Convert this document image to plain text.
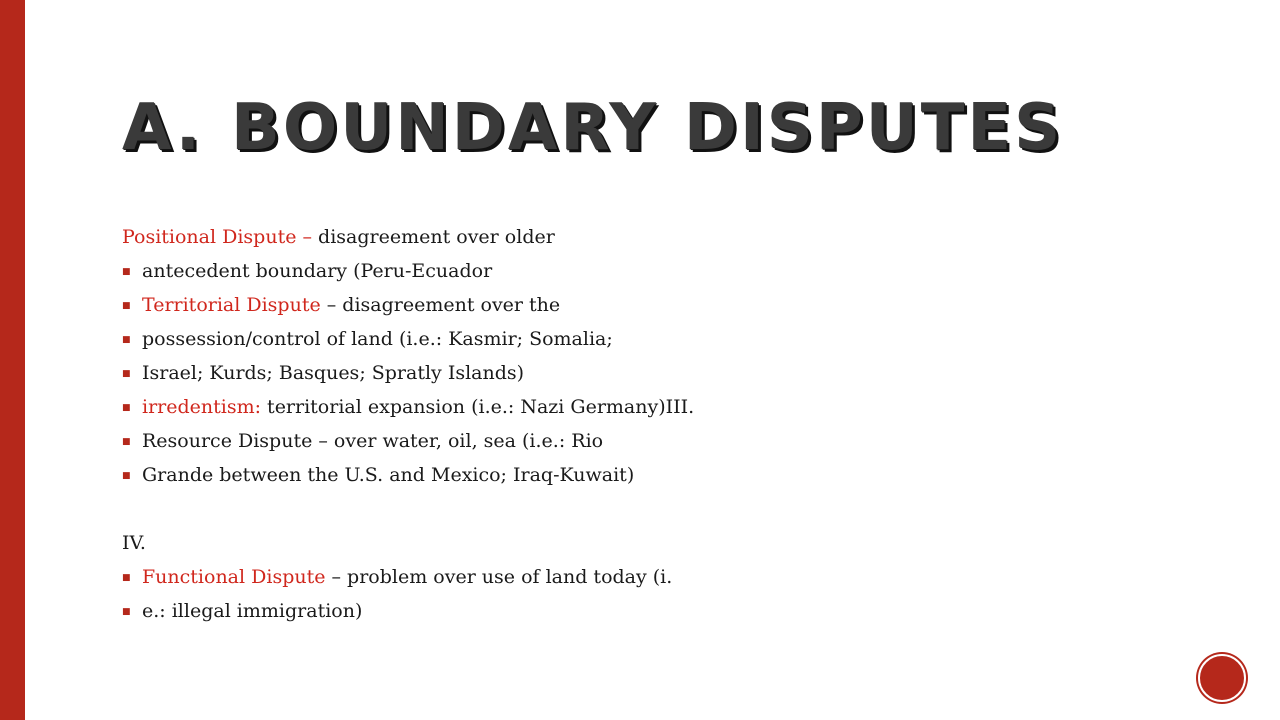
A. BOUNDARY DISPUTES
Positional Dispute – disagreement over older
■ antecedent boundary (Peru-Ecuador
■ Territorial Dispute – disagreement over the
■ possession/control of land (i.e.: Kasmir; Somalia;
■ Israel; Kurds; Basques; Spratly Islands)
■ irredentism: territorial expansion (i.e.: Nazi Germany)III.
■ Resource Dispute – over water, oil, sea (i.e.: Rio
■ Grande between the U.S. and Mexico; Iraq-Kuwait)
IV.
■ Functional Dispute – problem over use of land today (i.
■ e.: illegal immigration)
